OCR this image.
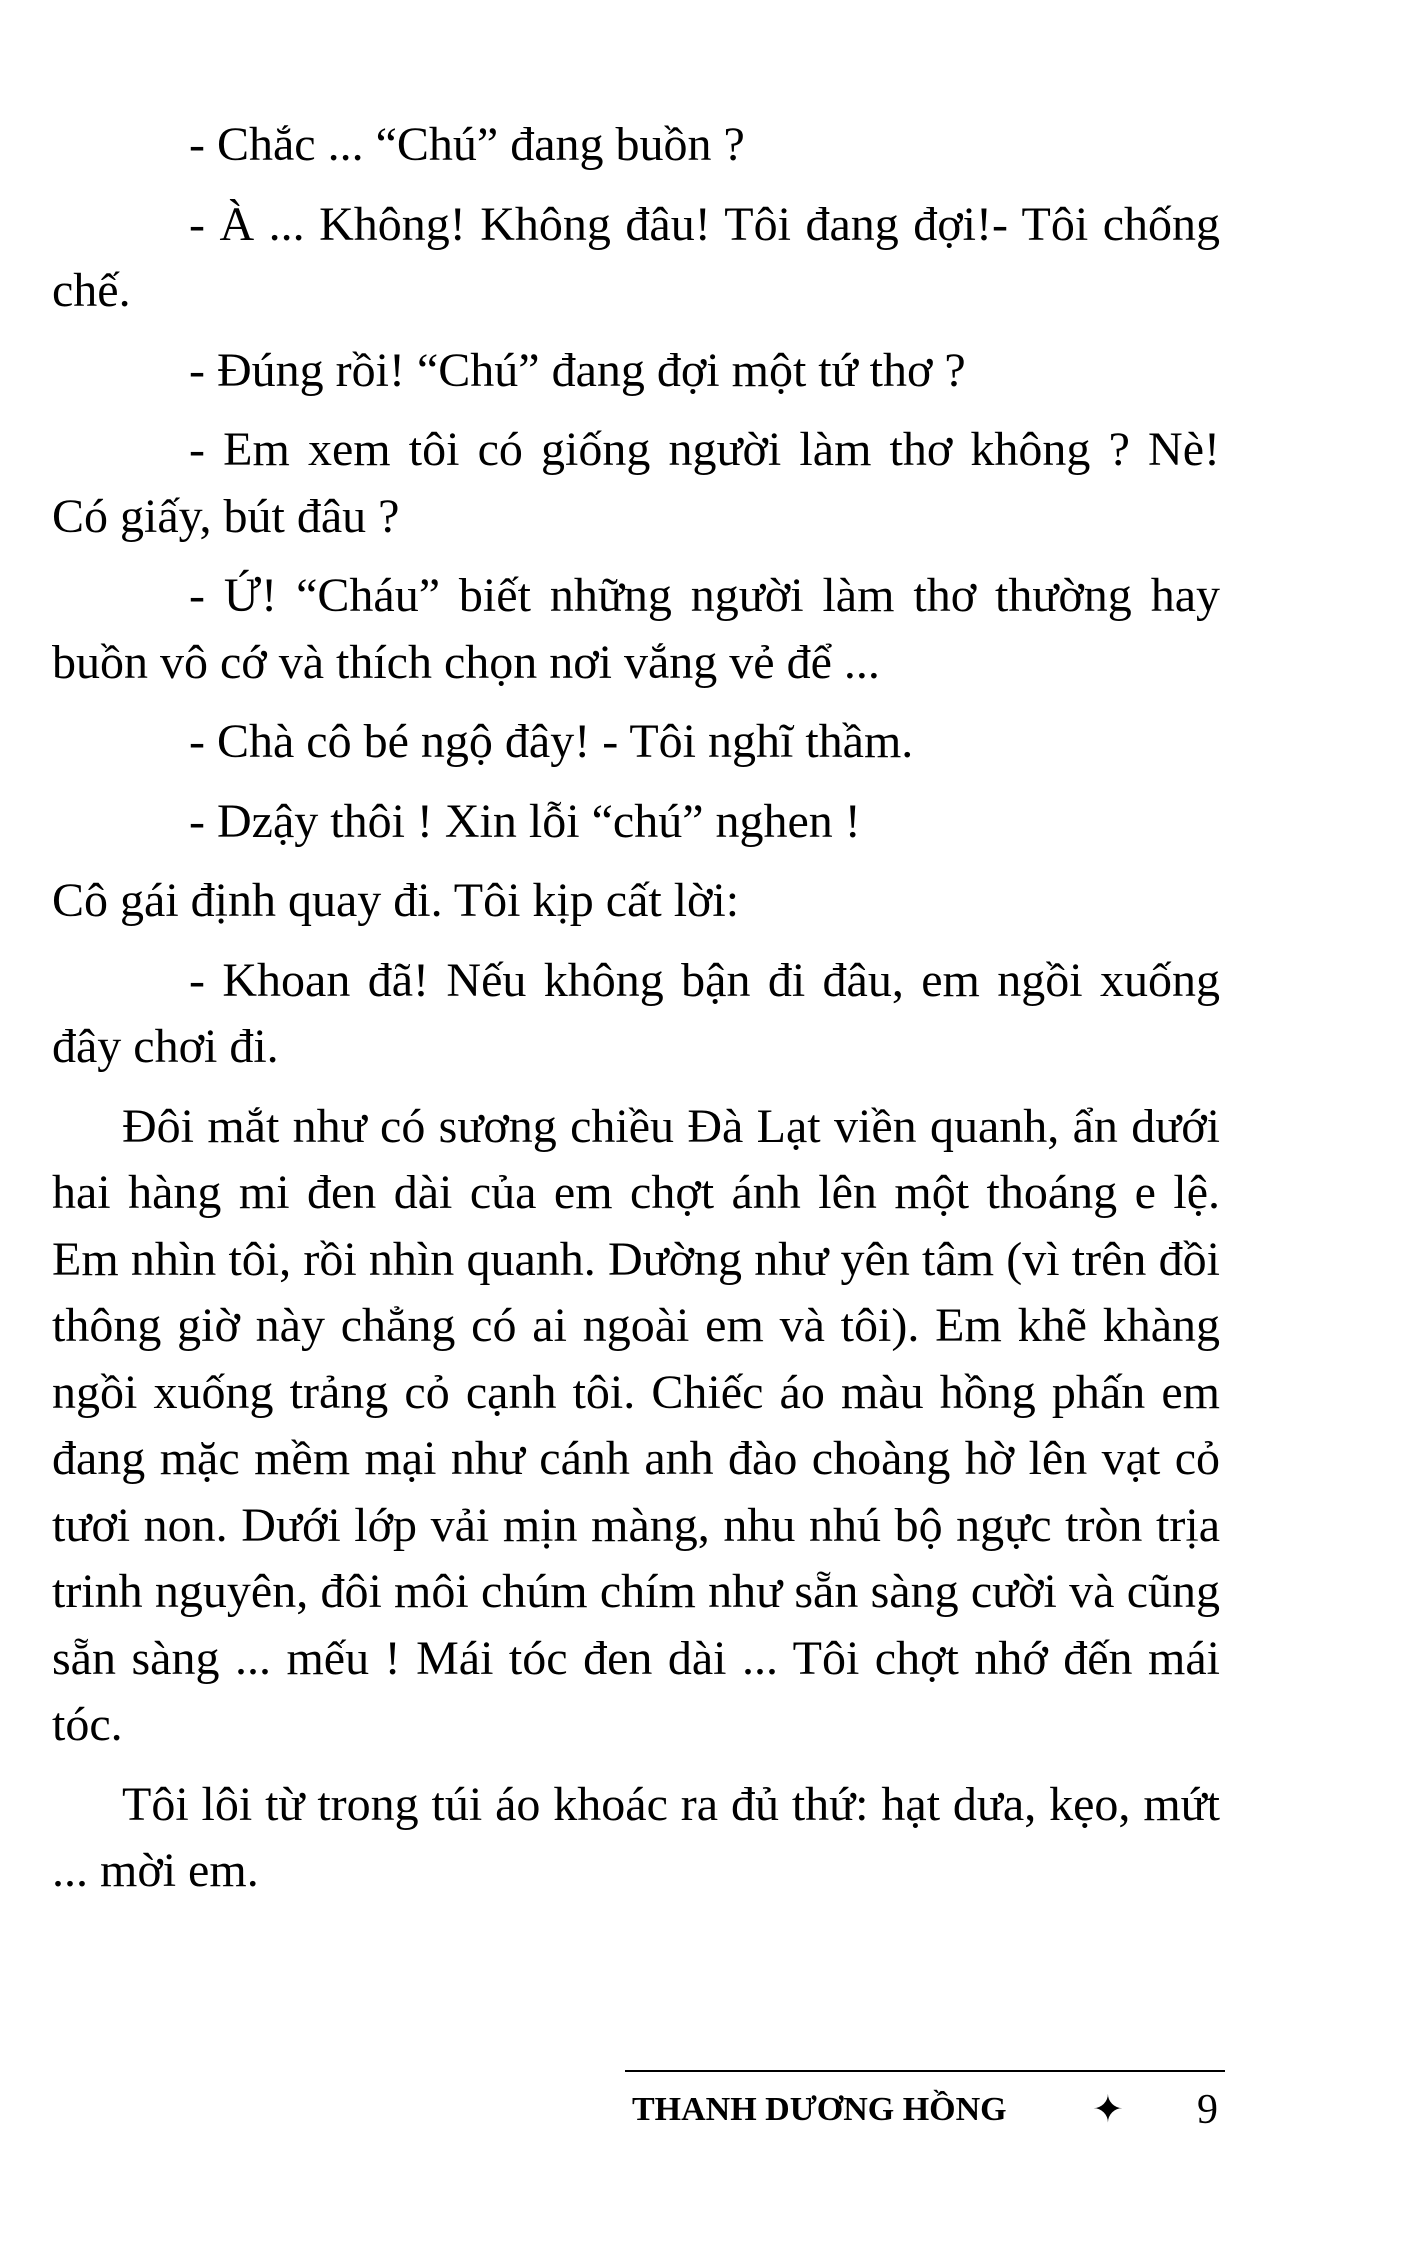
- Chắc ... “Chú” đang buồn ?

- À ... Không! Không đâu! Tôi đang đợi!- Tôi chống chế.

- Đúng rồi! “Chú” đang đợi một tứ thơ ?

- Em xem tôi có giống người làm thơ không ? Nè! Có giấy, bút đâu ?

- Ứ! “Cháu” biết những người làm thơ thường hay buồn vô cớ và thích chọn nơi vắng vẻ để ...

- Chà cô bé ngộ đây! - Tôi nghĩ thầm.

- Dzậy thôi ! Xin lỗi “chú” nghen !

Cô gái định quay đi. Tôi kịp cất lời:

- Khoan đã! Nếu không bận đi đâu, em ngồi xuống đây chơi đi.

Đôi mắt như có sương chiều Đà Lạt viền quanh, ẩn dưới hai hàng mi đen dài của em chợt ánh lên một thoáng e lệ. Em nhìn tôi, rồi nhìn quanh. Dường như yên tâm (vì trên đồi thông giờ này chẳng có ai ngoài em và tôi). Em khẽ khàng ngồi xuống trảng cỏ cạnh tôi. Chiếc áo màu hồng phấn em đang mặc mềm mại như cánh anh đào choàng hờ lên vạt cỏ tươi non. Dưới lớp vải mịn màng, nhu nhú bộ ngực tròn trịa trinh nguyên, đôi môi chúm chím như sẵn sàng cười và cũng sẵn sàng ... mếu ! Mái tóc đen dài ... Tôi chợt nhớ đến mái tóc.

Tôi lôi từ trong túi áo khoác ra đủ thứ: hạt dưa, kẹo, mứt ... mời em.

THANH DƯƠNG HỒNG ✦ 9
